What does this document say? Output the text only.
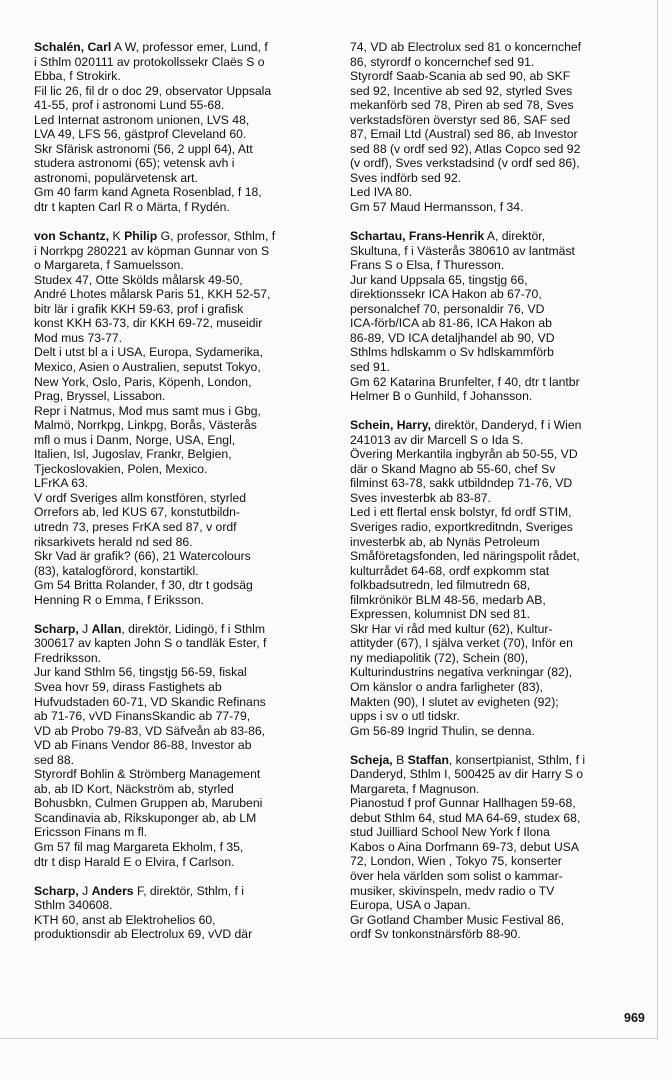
Schalén, Carl A W, professor emer, Lund, f
i Sthlm 020111 av protokollssekr Claës S o
Ebba, f Strokirk.
Fil lic 26, fil dr o doc 29, observator Uppsala
41-55, prof i astronomi Lund 55-68.
Led Internat astronom unionen, LVS 48,
LVA 49, LFS 56, gästprof Cleveland 60.
Skr Sfärisk astronomi (56, 2 uppl 64), Att
studera astronomi (65); vetensk avh i
astronomi, populärvetensk art.
Gm 40 farm kand Agneta Rosenblad, f 18,
dtr t kapten Carl R o Märta, f Rydén.
von Schantz, K Philip G, professor, Sthlm, f
i Norrkpg 280221 av köpman Gunnar von S
o Margareta, f Samuelsson.
Studex 47, Otte Skölds målarsk 49-50,
André Lhotes målarsk Paris 51, KKH 52-57,
bitr lär i grafik KKH 59-63, prof i grafisk
konst KKH 63-73, dir KKH 69-72, museidir
Mod mus 73-77.
Delt i utst bl a i USA, Europa, Sydamerika,
Mexico, Asien o Australien, seputst Tokyo,
New York, Oslo, Paris, Köpenh, London,
Prag, Bryssel, Lissabon.
Repr i Natmus, Mod mus samt mus i Gbg,
Malmö, Norrkpg, Linkpg, Borås, Västerås
mfl o mus i Danm, Norge, USA, Engl,
Italien, Isl, Jugoslav, Frankr, Belgien,
Tjeckoslovakien, Polen, Mexico.
LFrKA 63.
V ordf Sveriges allm konstfören, styrled
Orrefors ab, led KUS 67, konstutbildn-
utredn 73, preses FrKA sed 87, v ordf
riksarkivets herald nd sed 86.
Skr Vad är grafik? (66), 21 Watercolours
(83), katalogförord, konstartikl.
Gm 54 Britta Rolander, f 30, dtr t godsäg
Henning R o Emma, f Eriksson.
Scharp, J Allan, direktör, Lidingö, f i Sthlm
300617 av kapten John S o tandläk Ester, f
Fredriksson.
Jur kand Sthlm 56, tingstjg 56-59, fiskal
Svea hovr 59, dirass Fastighets ab
Hufvudstaden 60-71, VD Skandic Refinans
ab 71-76, vVD FinansSkandic ab 77-79,
VD ab Probo 79-83, VD Säfveån ab 83-86,
VD ab Finans Vendor 86-88, Investor ab
sed 88.
Styrordf Bohlin & Strömberg Management
ab, ab ID Kort, Näckström ab, styrled
Bohusbkn, Culmen Gruppen ab, Marubeni
Scandinavia ab, Rikskuponger ab, ab LM
Ericsson Finans m fl.
Gm 57 fil mag Margareta Ekholm, f 35,
dtr t disp Harald E o Elvira, f Carlson.
Scharp, J Anders F, direktör, Sthlm, f i
Sthlm 340608.
KTH 60, anst ab Elektrohelios 60,
produktionsdir ab Electrolux 69, vVD där
74, VD ab Electrolux sed 81 o koncernchef
86, styrordf o koncernchef sed 91.
Styrordf Saab-Scania ab sed 90, ab SKF
sed 92, Incentive ab sed 92, styrled Sves
mekanförb sed 78, Piren ab sed 78, Sves
verkstadsfören överstyr sed 86, SAF sed
87, Email Ltd (Austral) sed 86, ab Investor
sed 88 (v ordf sed 92), Atlas Copco sed 92
(v ordf), Sves verkstadsind (v ordf sed 86),
Sves indförb sed 92.
Led IVA 80.
Gm 57 Maud Hermansson, f 34.
Schartau, Frans-Henrik A, direktör,
Skultuna, f i Västerås 380610 av lantmäst
Frans S o Elsa, f Thuresson.
Jur kand Uppsala 65, tingstjg 66,
direktionssekr ICA Hakon ab 67-70,
personalchef 70, personaldir 76, VD
ICA-förb/ICA ab 81-86, ICA Hakon ab
86-89, VD ICA detaljhandel ab 90, VD
Sthlms hdlskamm o Sv hdlskammförb
sed 91.
Gm 62 Katarina Brunfelter, f 40, dtr t lantbr
Helmer B o Gunhild, f Johansson.
Schein, Harry, direktör, Danderyd, f i Wien
241013 av dir Marcell S o Ida S.
Övering Merkantila ingbyrån ab 50-55, VD
där o Skand Magno ab 55-60, chef Sv
filminst 63-78, sakk utbildndep 71-76, VD
Sves investerbk ab 83-87.
Led i ett flertal ensk bolstyr, fd ordf STIM,
Sveriges radio, exportkreditndn, Sveriges
investerbk ab, ab Nynäs Petroleum
Småföretagsfonden, led näringspolit rådet,
kulturrådet 64-68, ordf expkomm stat
folkbadsutredn, led filmutredn 68,
filmkrönikör BLM 48-56, medarb AB,
Expressen, kolumnist DN sed 81.
Skr Har vi råd med kultur (62), Kultur-
attityder (67), I själva verket (70), Inför en
ny mediapolitik (72), Schein (80),
Kulturindustrins negativa verkningar (82),
Om känslor o andra farligheter (83),
Makten (90), I slutet av evigheten (92);
upps i sv o utl tidskr.
Gm 56-89 Ingrid Thulin, se denna.
Scheja, B Staffan, konsertpianist, Sthlm, f i
Danderyd, Sthlm I, 500425 av dir Harry S o
Margareta, f Magnuson.
Pianostud f prof Gunnar Hallhagen 59-68,
debut Sthlm 64, stud MA 64-69, studex 68,
stud Juilliard School New York f Ilona
Kabos o Aina Dorfmann 69-73, debut USA
72, London, Wien , Tokyo 75, konserter
över hela världen som solist o kammar-
musiker, skivinspeln, medv radio o TV
Europa, USA o Japan.
Gr Gotland Chamber Music Festival 86,
ordf Sv tonkonstnärsförb 88-90.
969
